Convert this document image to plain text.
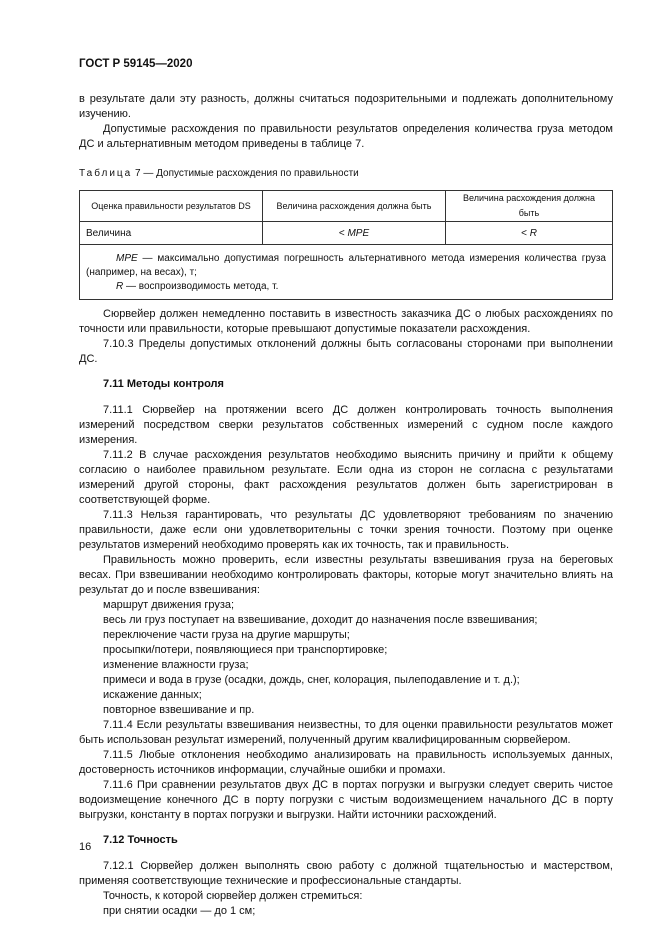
ГОСТ Р 59145—2020

в результате дали эту разность, должны считаться подозрительными и подлежать дополнительному изучению.

Допустимые расхождения по правильности результатов определения количества груза методом ДС и альтернативным методом приведены в таблице 7.

Таблица 7 — Допустимые расхождения по правильности
Оценка правильности результатов DS	Величина расхождения должна быть	Величина расхождения должна быть
Величина	< MPE	< R

MPE — максимально допустимая погрешность альтернативного метода измерения количества груза (например, на весах), т;
R — воспроизводимость метода, т.		

Сюрвейер должен немедленно поставить в известность заказчика ДС о любых расхождениях по точности или правильности, которые превышают допустимые показатели расхождения.

7.10.3 Пределы допустимых отклонений должны быть согласованы сторонами при выполнении ДС.

7.11 Методы контроля

7.11.1 Сюрвейер на протяжении всего ДС должен контролировать точность выполнения измерений посредством сверки результатов собственных измерений с судном после каждого измерения.

7.11.2 В случае расхождения результатов необходимо выяснить причину и прийти к общему согласию о наиболее правильном результате. Если одна из сторон не согласна с результатами измерений другой стороны, факт расхождения результатов должен быть зарегистрирован в соответствующей форме.

7.11.3 Нельзя гарантировать, что результаты ДС удовлетворяют требованиям по значению правильности, даже если они удовлетворительны с точки зрения точности. Поэтому при оценке результатов измерений необходимо проверять как их точность, так и правильность.

Правильность можно проверить, если известны результаты взвешивания груза на береговых весах. При взвешивании необходимо контролировать факторы, которые могут значительно влиять на результат до и после взвешивания:

маршрут движения груза;

весь ли груз поступает на взвешивание, доходит до назначения после взвешивания;

переключение части груза на другие маршруты;

просыпки/потери, появляющиеся при транспортировке;

изменение влажности груза;

примеси и вода в грузе (осадки, дождь, снег, колорация, пылеподавление и т. д.);

искажение данных;

повторное взвешивание и пр.

7.11.4 Если результаты взвешивания неизвестны, то для оценки правильности результатов может быть использован результат измерений, полученный другим квалифицированным сюрвейером.

7.11.5 Любые отклонения необходимо анализировать на правильность используемых данных, достоверность источников информации, случайные ошибки и промахи.

7.11.6 При сравнении результатов двух ДС в портах погрузки и выгрузки следует сверить чистое водоизмещение конечного ДС в порту погрузки с чистым водоизмещением начального ДС в порту выгрузки, константу в портах погрузки и выгрузки. Найти источники расхождений.

7.12 Точность

7.12.1 Сюрвейер должен выполнять свою работу с должной тщательностью и мастерством, применяя соответствующие технические и профессиональные стандарты.

Точность, к которой сюрвейер должен стремиться:

при снятии осадки — до 1 см;

16
